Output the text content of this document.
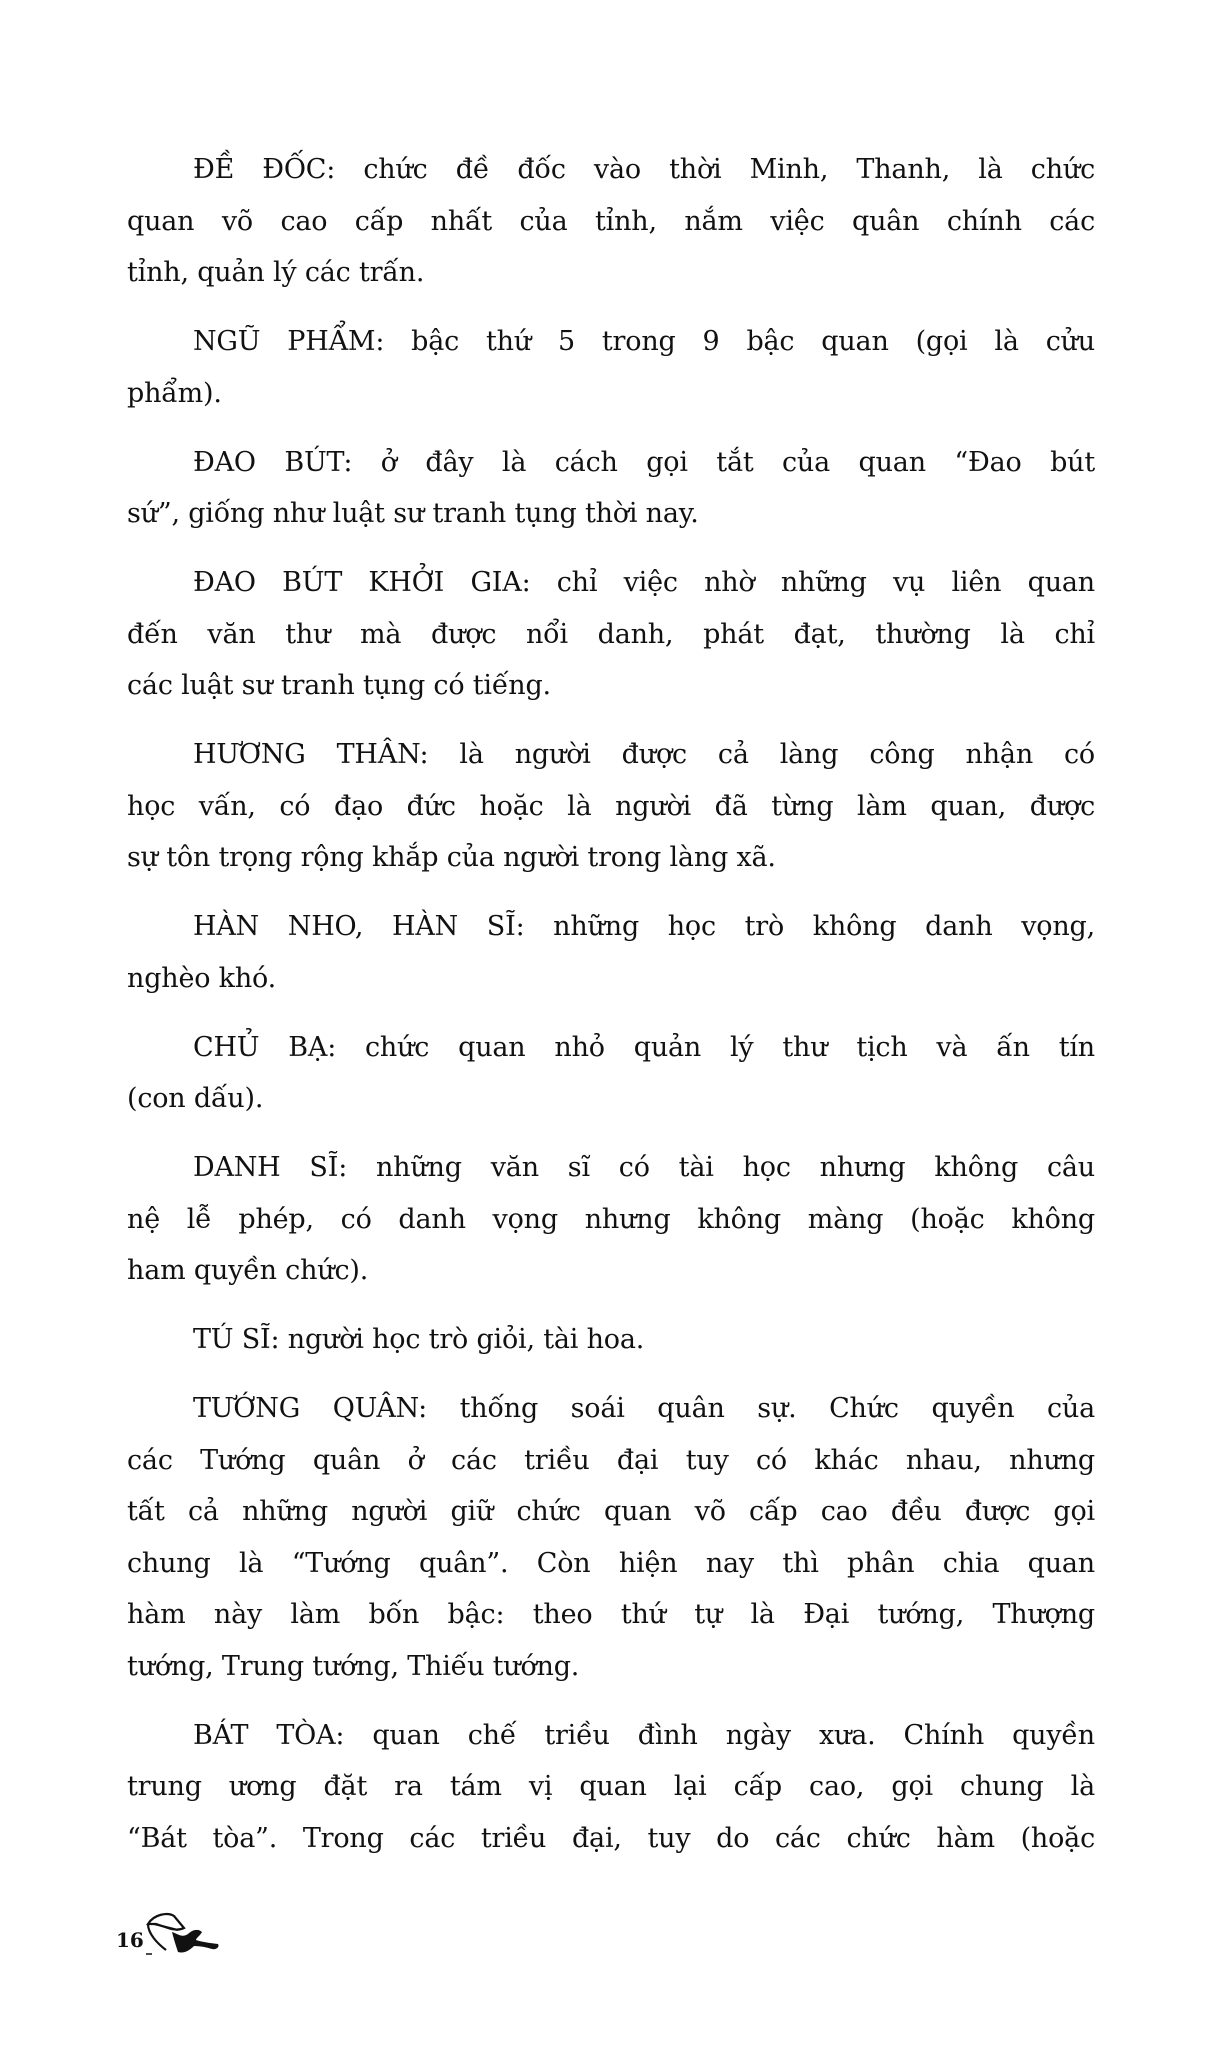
ĐỀ ĐỐC: chức đề đốc vào thời Minh, Thanh, là chức
quan võ cao cấp nhất của tỉnh, nắm việc quân chính các
tỉnh, quản lý các trấn.
NGŨ PHẨM: bậc thứ 5 trong 9 bậc quan (gọi là cửu
phẩm).
ĐAO BÚT: ở đây là cách gọi tắt của quan “Đao bút
sứ”, giống như luật sư tranh tụng thời nay.
ĐAO BÚT KHỞI GIA: chỉ việc nhờ những vụ liên quan
đến văn thư mà được nổi danh, phát đạt, thường là chỉ
các luật sư tranh tụng có tiếng.
HƯƠNG THÂN: là người được cả làng công nhận có
học vấn, có đạo đức hoặc là người đã từng làm quan, được
sự tôn trọng rộng khắp của người trong làng xã.
HÀN NHO, HÀN SĨ: những học trò không danh vọng,
nghèo khó.
CHỦ BẠ: chức quan nhỏ quản lý thư tịch và ấn tín
(con dấu).
DANH SĨ: những văn sĩ có tài học nhưng không câu
nệ lễ phép, có danh vọng nhưng không màng (hoặc không
ham quyền chức).
TÚ SĨ: người học trò giỏi, tài hoa.
TƯỚNG QUÂN: thống soái quân sự. Chức quyền của
các Tướng quân ở các triều đại tuy có khác nhau, nhưng
tất cả những người giữ chức quan võ cấp cao đều được gọi
chung là “Tướng quân”. Còn hiện nay thì phân chia quan
hàm này làm bốn bậc: theo thứ tự là Đại tướng, Thượng
tướng, Trung tướng, Thiếu tướng.
BÁT TÒA: quan chế triều đình ngày xưa. Chính quyền
trung ương đặt ra tám vị quan lại cấp cao, gọi chung là
“Bát tòa”. Trong các triều đại, tuy do các chức hàm (hoặc
16
